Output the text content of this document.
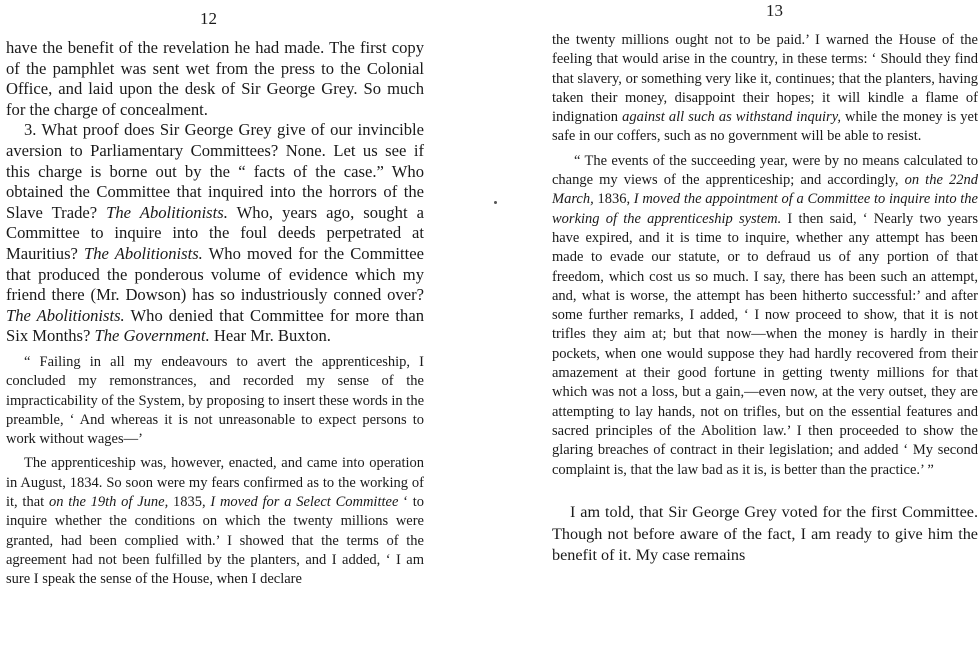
12

have the benefit of the revelation he had made. The first copy of the pamphlet was sent wet from the press to the Colonial Office, and laid upon the desk of Sir George Grey. So much for the charge of concealment.

3. What proof does Sir George Grey give of our invincible aversion to Parliamentary Committees? None. Let us see if this charge is borne out by the “ facts of the case.” Who obtained the Committee that inquired into the horrors of the Slave Trade? The Abolitionists. Who, years ago, sought a Committee to inquire into the foul deeds perpetrated at Mauritius? The Abolitionists. Who moved for the Committee that produced the ponderous volume of evidence which my friend there (Mr. Dowson) has so industriously conned over? The Abolitionists. Who denied that Committee for more than Six Months? The Government. Hear Mr. Buxton.

“ Failing in all my endeavours to avert the apprenticeship, I concluded my remonstrances, and recorded my sense of the impracticability of the System, by proposing to insert these words in the preamble, ‘ And whereas it is not unreasonable to expect persons to work without wages—’

The apprenticeship was, however, enacted, and came into operation in August, 1834. So soon were my fears confirmed as to the working of it, that on the 19th of June, 1835, I moved for a Select Committee ‘ to inquire whether the conditions on which the twenty millions were granted, had been complied with.’ I showed that the terms of the agreement had not been fulfilled by the planters, and I added, ‘ I am sure I speak the sense of the House, when I declare

13

the twenty millions ought not to be paid.’ I warned the House of the feeling that would arise in the country, in these terms: ‘ Should they find that slavery, or something very like it, continues; that the planters, having taken their money, disappoint their hopes; it will kindle a flame of indignation against all such as withstand inquiry, while the money is yet safe in our coffers, such as no government will be able to resist.

“ The events of the succeeding year, were by no means calculated to change my views of the apprenticeship; and accordingly, on the 22nd March, 1836, I moved the appointment of a Committee to inquire into the working of the apprenticeship system. I then said, ‘ Nearly two years have expired, and it is time to inquire, whether any attempt has been made to evade our statute, or to defraud us of any portion of that freedom, which cost us so much. I say, there has been such an attempt, and, what is worse, the attempt has been hitherto successful:’ and after some further remarks, I added, ‘ I now proceed to show, that it is not trifles they aim at; but that now—when the money is hardly in their pockets, when one would suppose they had hardly recovered from their amazement at their good fortune in getting twenty millions for that which was not a loss, but a gain,—even now, at the very outset, they are attempting to lay hands, not on trifles, but on the essential features and sacred principles of the Abolition law.’ I then proceeded to show the glaring breaches of contract in their legislation; and added ‘ My second complaint is, that the law bad as it is, is better than the practice.’ ”

I am told, that Sir George Grey voted for the first Committee. Though not before aware of the fact, I am ready to give him the benefit of it. My case remains
